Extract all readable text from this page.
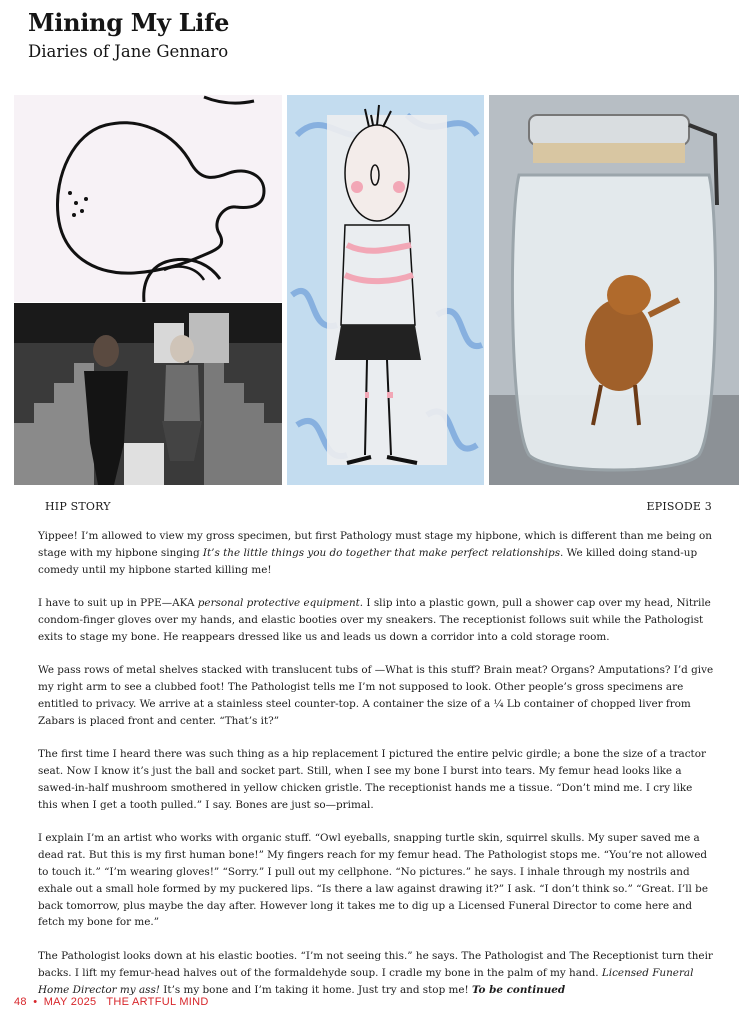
Mining My Life
Diaries of Jane Gennaro
HIP STORY	EPISODE 3

Yippee! I’m allowed to view my gross specimen, but first Pathology must stage my hipbone, which is different than me being on stage with my hipbone singing It’s the little things you do together that make perfect relationships. We killed doing stand-up comedy until my hipbone started killing me!

I have to suit up in PPE—AKA personal protective equipment. I slip into a plastic gown, pull a shower cap over my head, Nitrile condom-finger gloves over my hands, and elastic booties over my sneakers. The receptionist follows suit while the Pathologist exits to stage my bone. He reappears dressed like us and leads us down a corridor into a cold storage room.

We pass rows of metal shelves stacked with translucent tubs of —What is this stuff? Brain meat? Organs? Amputations? I’d give my right arm to see a clubbed foot! The Pathologist tells me I’m not supposed to look. Other people’s gross specimens are entitled to privacy. We arrive at a stainless steel counter-top. A container the size of a ¼ Lb container of chopped liver from Zabars is placed front and center. “That’s it?”

The first time I heard there was such thing as a hip replacement I pictured the entire pelvic girdle; a bone the size of a tractor seat. Now I know it’s just the ball and socket part. Still, when I see my bone I burst into tears. My femur head looks like a sawed-in-half mushroom smothered in yellow chicken gristle. The receptionist hands me a tissue. “Don’t mind me. I cry like this when I get a tooth pulled.” I say. Bones are just so—primal.

I explain I’m an artist who works with organic stuff. “Owl eyeballs, snapping turtle skin, squirrel skulls. My super saved me a dead rat. But this is my first human bone!” My fingers reach for my femur head. The Pathologist stops me. “You’re not allowed to touch it.” “I’m wearing gloves!” “Sorry.” I pull out my cellphone. “No pictures.” he says. I inhale through my nostrils and exhale out a small hole formed by my puckered lips. “Is there a law against drawing it?” I ask. “I don’t think so.” “Great. I’ll be back tomorrow, plus maybe the day after. However long it takes me to dig up a Licensed Funeral Director to come here and fetch my bone for me.”

The Pathologist looks down at his elastic booties. “I’m not seeing this.” he says. The Pathologist and The Receptionist turn their backs. I lift my femur-head halves out of the formaldehyde soup. I cradle my bone in the palm of my hand. Licensed Funeral Home Director my ass! It’s my bone and I’m taking it home. Just try and stop me! To be continued

48 • MAY 2025 THE ARTFUL MIND
